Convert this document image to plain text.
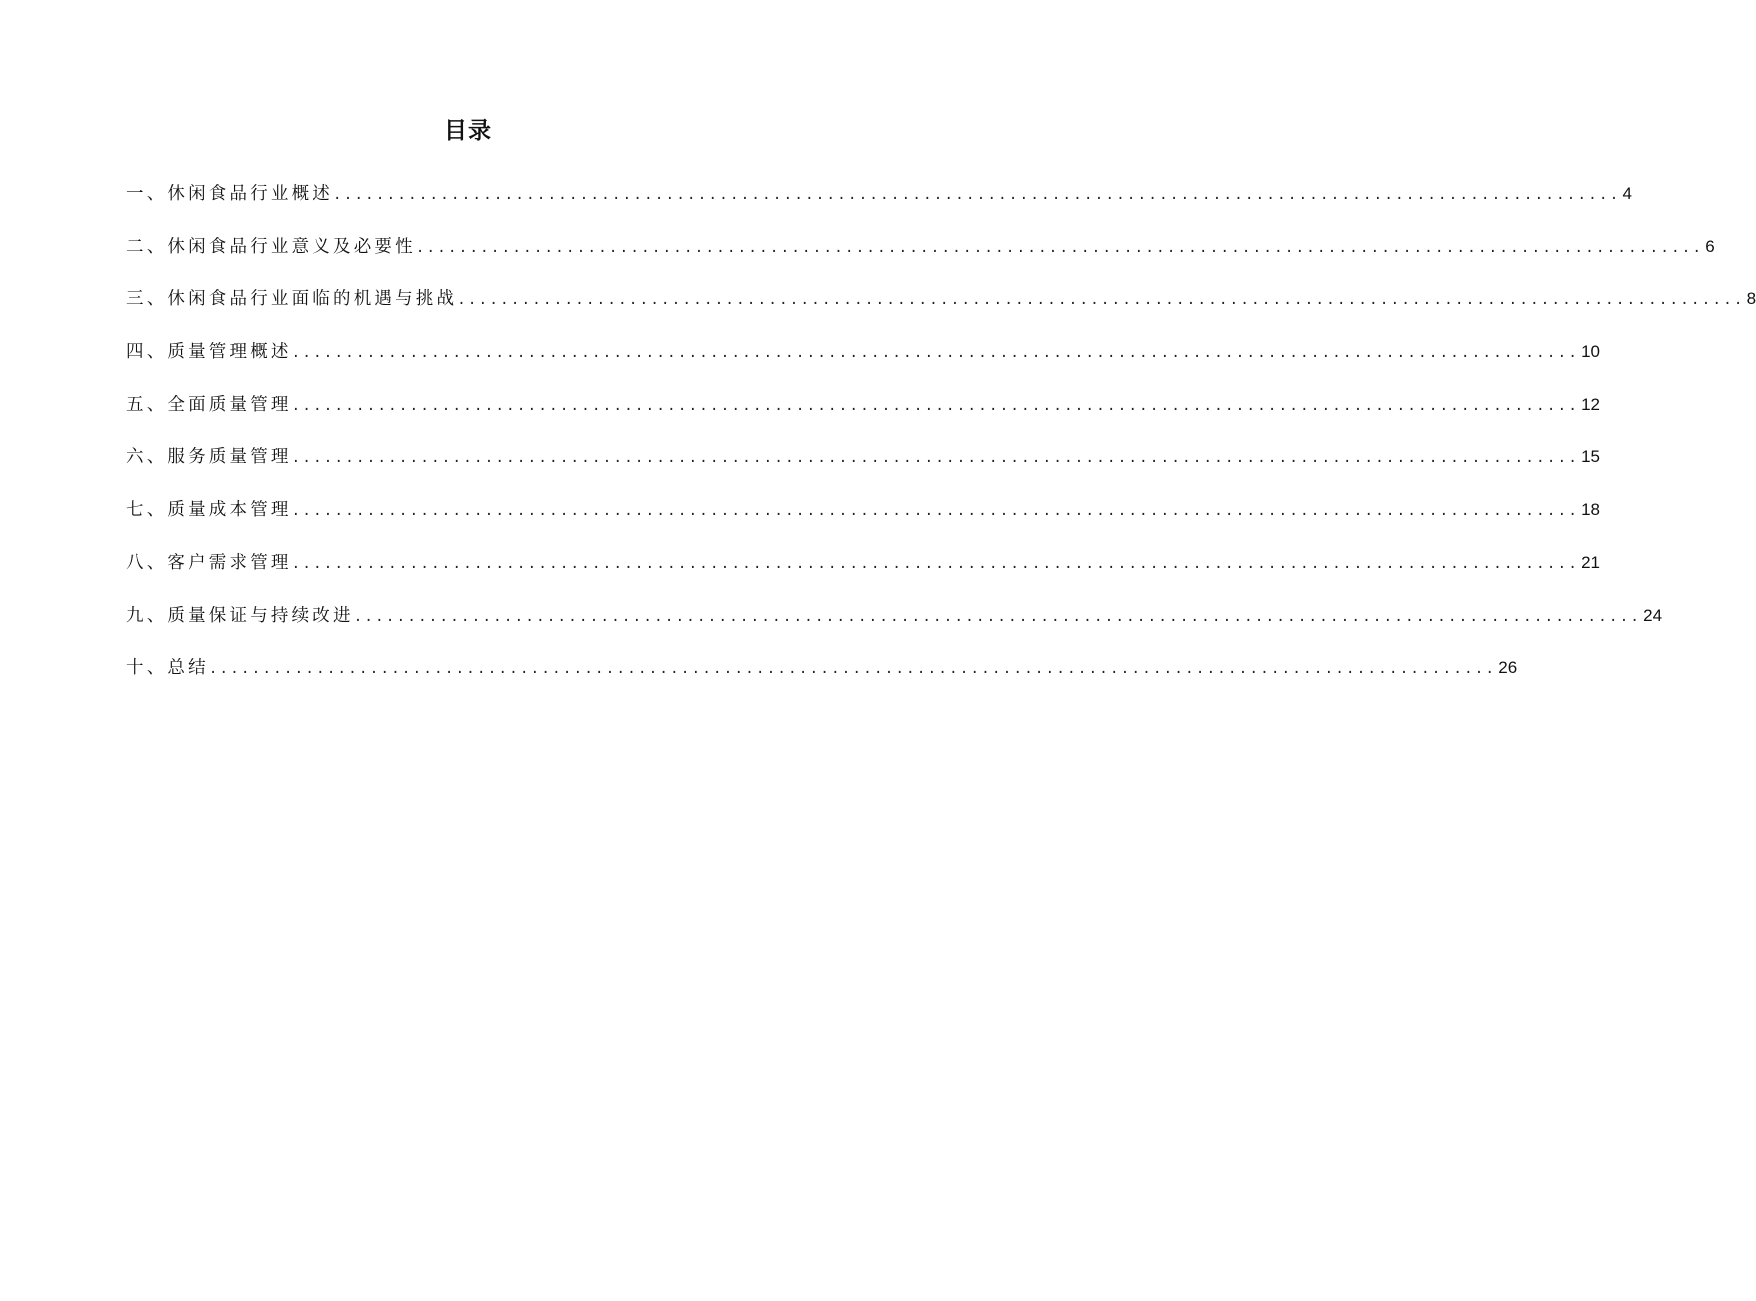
目录
一、休闲食品行业概述 ........................................................................................................................ 4
二、休闲食品行业意义及必要性 ........................................................................................................................ 6
三、休闲食品行业面临的机遇与挑战 ........................................................................................................................ 8
四、质量管理概述 ........................................................................................................................ 10
五、全面质量管理 ........................................................................................................................ 12
六、服务质量管理 ........................................................................................................................ 15
七、质量成本管理 ........................................................................................................................ 18
八、客户需求管理 ........................................................................................................................ 21
九、质量保证与持续改进 ........................................................................................................................ 24
十、总结 ........................................................................................................................ 26
